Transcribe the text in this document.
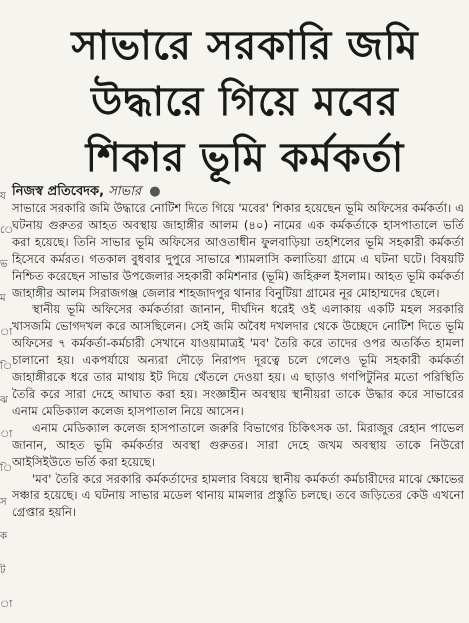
সাভারে সরকারি জমি
উদ্ধারে গিয়ে মবের
শিকার ভূমি কর্মকর্তা
য
ে
ভ
ম
া
ি
ঝ
া
ি
স
ক
ট
া
নিজস্ব প্রতিবেদক, সাভার ●

সাভারে সরকারি জমি উদ্ধারে নোটিশ দিতে গিয়ে 'মবের' শিকার হয়েছেন ভূমি অফিসের কর্মকর্তা। এ ঘটনায় গুরুতর আহত অবস্থায় জাহাঙ্গীর আলম (৪০) নামের এক কর্মকর্তাকে হাসপাতালে ভর্তি করা হয়েছে। তিনি সাভার ভূমি অফিসের আওতাধীন ফুলবাড়িয়া তহশিলের ভূমি সহকারী কর্মকর্তা হিসেবে কর্মরত। গতকাল বুধবার দুপুরে সাভারে শ্যামলাসি কলাতিয়া গ্রামে এ ঘটনা ঘটে। বিষয়টি নিশ্চিত করেছেন সাভার উপজেলার সহকারী কমিশনার (ভূমি) জহিরুল ইসলাম। আহত ভূমি কর্মকর্তা জাহাঙ্গীর আলম সিরাজগঞ্জ জেলার শাহজাদপুর থানার বিনুটিয়া গ্রামের নূর মোহাম্মদের ছেলে।

স্থানীয় ভূমি অফিসের কর্মকর্তারা জানান, দীর্ঘদিন ধরেই ওই এলাকায় একটি মহল সরকারি খাসজমি ভোগদখল করে আসছিলেন। সেই জমি অবৈধ দখলদার থেকে উচ্ছেদে নোটিশ দিতে ভূমি অফিসের ৭ কর্মকর্তা-কর্মচারী সেখানে যাওয়ামাত্রই 'মব' তৈরি করে তাদের ওপর অতর্কিত হামলা চালানো হয়। একপর্যায়ে অন্যরা দৌড়ে নিরাপদ দূরত্বে চলে গেলেও ভূমি সহকারী কর্মকর্তা জাহাঙ্গীরকে ধরে তার মাথায় ইট দিয়ে থেঁতলে দেওয়া হয়। এ ছাড়াও গণপিটুনির মতো পরিস্থিতি তৈরি করে সারা দেহে আঘাত করা হয়। সংজ্ঞাহীন অবস্থায় স্থানীয়রা তাকে উদ্ধার করে সাভারের এনাম মেডিক্যাল কলেজ হাসপাতাল নিয়ে আসেন।

এনাম মেডিক্যাল কলেজ হাসপাতালে জরুরি বিভাগের চিকিৎসক ডা. মিরাজুর রেহান পাভেল জানান, আহত ভূমি কর্মকর্তার অবস্থা গুরুতর। সারা দেহে জখম অবস্থায় তাকে নিউরো আইসিইউতে ভর্তি করা হয়েছে।

'মব' তৈরি করে সরকারি কর্মকর্তাদের হামলার বিষয়ে স্থানীয় কর্মকর্তা কর্মচারীদের মাঝে ক্ষোভের সঞ্চার হয়েছে। এ ঘটনায় সাভার মডেল থানায় মামলার প্রস্তুতি চলছে। তবে জড়িতের কেউ এখনো গ্রেপ্তার হয়নি।
